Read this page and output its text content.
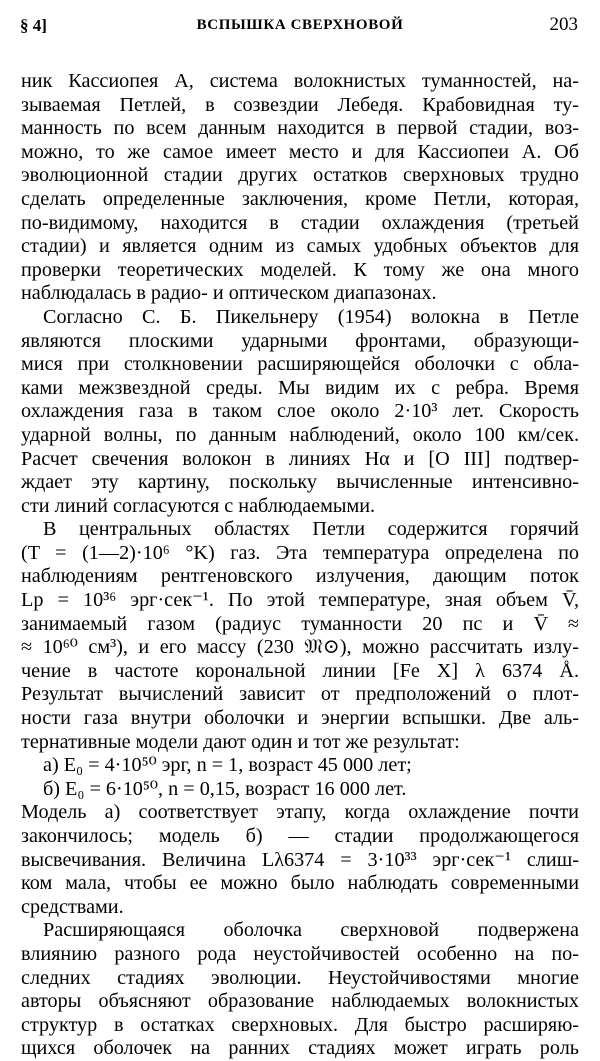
§ 4]	ВСПЫШКА СВЕРХНОВОЙ	203
ник Кассиопея А, система волокнистых туманностей, на-
зываемая Петлей, в созвездии Лебедя. Крабовидная ту-
манность по всем данным находится в первой стадии, воз-
можно, то же самое имеет место и для Кассиопеи А. Об
эволюционной стадии других остатков сверхновых трудно
сделать определенные заключения, кроме Петли, которая,
по-видимому, находится в стадии охлаждения (третьей
стадии) и является одним из самых удобных объектов для
проверки теоретических моделей. К тому же она много
наблюдалась в радио- и оптическом диапазонах.
Согласно С. Б. Пикельнеру (1954) волокна в Петле
являются плоскими ударными фронтами, образующи-
мися при столкновении расширяющейся оболочки с обла-
ками межзвездной среды. Мы видим их с ребра. Время
охлаждения газа в таком слое около 2·10³ лет. Скорость
ударной волны, по данным наблюдений, около 100 км/сек.
Расчет свечения волокон в линиях Hα и [O III] подтвер-
ждает эту картину, поскольку вычисленные интенсивно-
сти линий согласуются с наблюдаемыми.
В центральных областях Петли содержится горячий
(T = (1—2)·10⁶ °K) газ. Эта температура определена по
наблюдениям рентгеновского излучения, дающим поток
Lр = 10³⁶ эрг·сек⁻¹. По этой температуре, зная объем V̄,
занимаемый газом (радиус туманности 20 пс и V̄ ≈
≈ 10⁶⁰ см³), и его массу (230 𝔐⊙), можно рассчитать излу-
чение в частоте корональной линии [Fe X] λ 6374 Å.
Результат вычислений зависит от предположений о плот-
ности газа внутри оболочки и энергии вспышки. Две аль-
тернативные модели дают один и тот же результат:
а) E₀ = 4·10⁵⁰ эрг, n = 1, возраст 45 000 лет;
б) E₀ = 6·10⁵⁰, n = 0,15, возраст 16 000 лет.
Модель а) соответствует этапу, когда охлаждение почти
закончилось; модель б) — стадии продолжающегося
высвечивания. Величина Lλ6374 = 3·10³³ эрг·сек⁻¹ слиш-
ком мала, чтобы ее можно было наблюдать современными
средствами.
Расширяющаяся оболочка сверхновой подвержена
влиянию разного рода неустойчивостей особенно на по-
следних стадиях эволюции. Неустойчивостями многие
авторы объясняют образование наблюдаемых волокнистых
структур в остатках сверхновых. Для быстро расширяю-
щихся оболочек на ранних стадиях может играть роль
